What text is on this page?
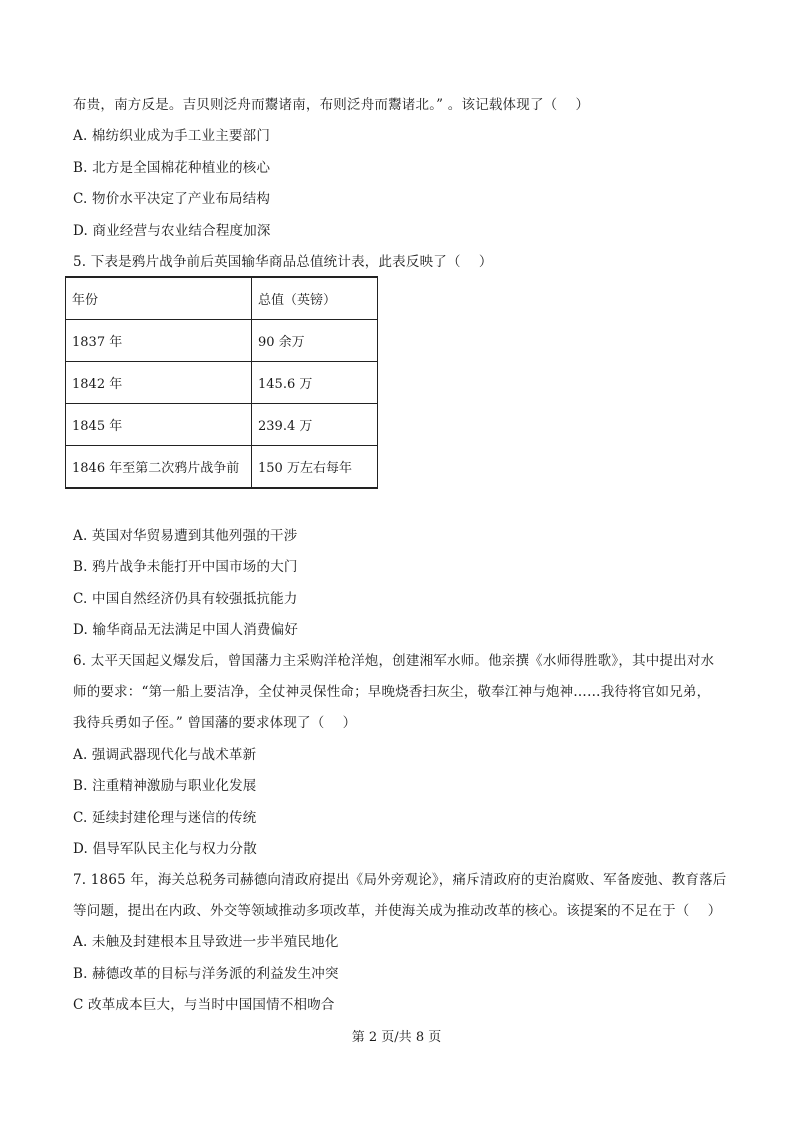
布贵，南方反是。吉贝则泛舟而鬻诸南，布则泛舟而鬻诸北。” 。该记载体现了（　 ）
A. 棉纺织业成为手工业主要部门
B. 北方是全国棉花种植业的核心
C. 物价水平决定了产业布局结构
D. 商业经营与农业结合程度加深
5. 下表是鸦片战争前后英国输华商品总值统计表，此表反映了（　 ）
年份	总值（英镑）
1837 年	90 余万
1842 年	145.6 万
1845 年	239.4 万
1846 年至第二次鸦片战争前	150 万左右每年
A. 英国对华贸易遭到其他列强的干涉
B. 鸦片战争未能打开中国市场的大门
C. 中国自然经济仍具有较强抵抗能力
D. 输华商品无法满足中国人消费偏好
6. 太平天国起义爆发后，曾国藩力主采购洋枪洋炮，创建湘军水师。他亲撰《水师得胜歌》，其中提出对水
师的要求：“第一船上要洁净，全仗神灵保性命；早晚烧香扫灰尘，敬奉江神与炮神……我待将官如兄弟，
我待兵勇如子侄。” 曾国藩的要求体现了（　 ）
A. 强调武器现代化与战术革新
B. 注重精神激励与职业化发展
C. 延续封建伦理与迷信的传统
D. 倡导军队民主化与权力分散
7. 1865 年，海关总税务司赫德向清政府提出《局外旁观论》，痛斥清政府的吏治腐败、军备废弛、教育落后
等问题，提出在内政、外交等领域推动多项改革，并使海关成为推动改革的核心。该提案的不足在于（　 ）
A. 未触及封建根本且导致进一步半殖民地化
B. 赫德改革的目标与洋务派的利益发生冲突
C 改革成本巨大，与当时中国国情不相吻合
第 2 页/共 8 页
